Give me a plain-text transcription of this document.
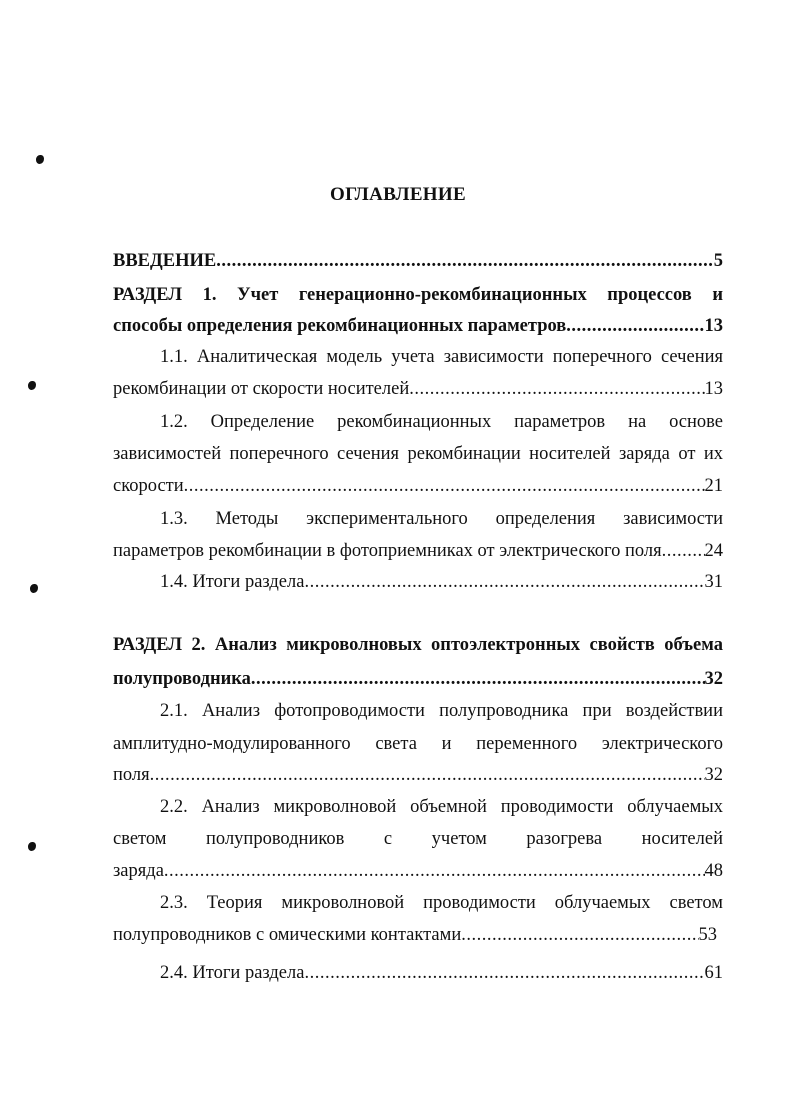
ОГЛАВЛЕНИЕ
ВВЕДЕНИЕ .....	5
РАЗДЕЛ 1. Учет генерационно-рекомбинационных процессов и
способы определения рекомбинационных параметров .....	13
1.1. Аналитическая модель учета зависимости поперечного сечения
рекомбинации от скорости носителей .....	13
1.2. Определение рекомбинационных параметров на основе
зависимостей поперечного сечения рекомбинации носителей заряда от их
скорости .....	21
1.3. Методы экспериментального определения зависимости
параметров рекомбинации в фотоприемниках от электрического поля ..... 24
1.4. Итоги раздела .....	31
РАЗДЕЛ 2. Анализ микроволновых оптоэлектронных свойств объема
полупроводника .....	32
2.1. Анализ фотопроводимости полупроводника при воздействии
амплитудно-модулированного света и переменного электрического
поля .....	32
2.2. Анализ микроволновой объемной проводимости облучаемых
светом полупроводников с учетом разогрева носителей
заряда .....	48
2.3. Теория микроволновой проводимости облучаемых светом
полупроводников с омическими контактами .....	53
2.4. Итоги раздела .....	61
